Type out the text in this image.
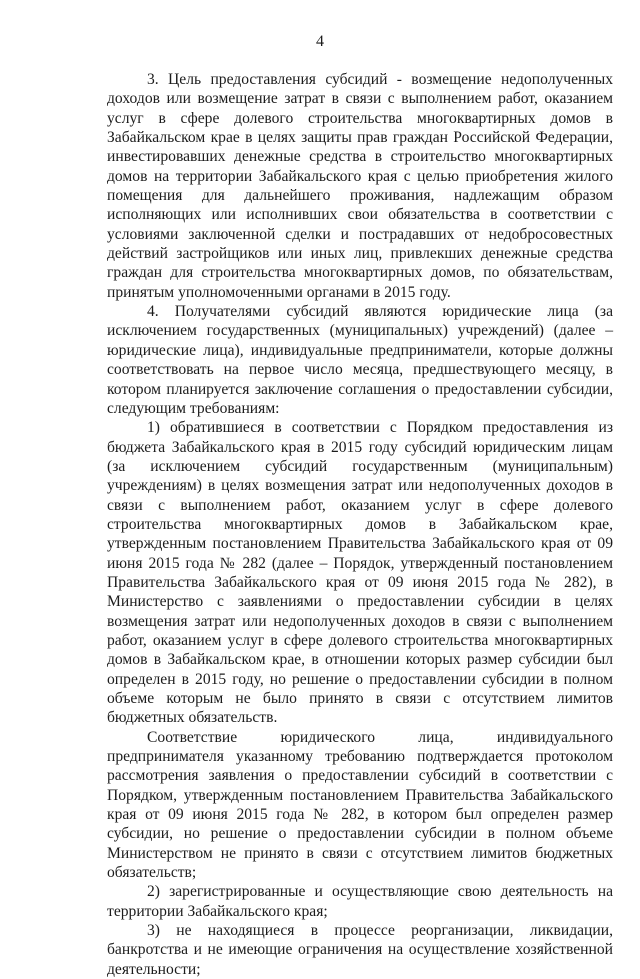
4

3. Цель предоставления субсидий - возмещение недополученных доходов или возмещение затрат в связи с выполнением работ, оказанием услуг в сфере долевого строительства многоквартирных домов в Забайкальском крае в целях защиты прав граждан Российской Федерации, инвестировавших денежные средства в строительство многоквартирных домов на территории Забайкальского края с целью приобретения жилого помещения для дальнейшего проживания, надлежащим образом исполняющих или исполнивших свои обязательства в соответствии с условиями заключенной сделки и пострадавших от недобросовестных действий застройщиков или иных лиц, привлекших денежные средства граждан для строительства многоквартирных домов, по обязательствам, принятым уполномоченными органами в 2015 году.

4. Получателями субсидий являются юридические лица (за исключением государственных (муниципальных) учреждений) (далее – юридические лица), индивидуальные предприниматели, которые должны соответствовать на первое число месяца, предшествующего месяцу, в котором планируется заключение соглашения о предоставлении субсидии, следующим требованиям:

1) обратившиеся в соответствии с Порядком предоставления из бюджета Забайкальского края в 2015 году субсидий юридическим лицам (за исключением субсидий государственным (муниципальным) учреждениям) в целях возмещения затрат или недополученных доходов в связи с выполнением работ, оказанием услуг в сфере долевого строительства многоквартирных домов в Забайкальском крае, утвержденным постановлением Правительства Забайкальского края от 09 июня 2015 года № 282 (далее – Порядок, утвержденный постановлением Правительства Забайкальского края от 09 июня 2015 года № 282), в Министерство с заявлениями о предоставлении субсидии в целях возмещения затрат или недополученных доходов в связи с выполнением работ, оказанием услуг в сфере долевого строительства многоквартирных домов в Забайкальском крае, в отношении которых размер субсидии был определен в 2015 году, но решение о предоставлении субсидии в полном объеме которым не было принято в связи с отсутствием лимитов бюджетных обязательств.

Соответствие юридического лица, индивидуального предпринимателя указанному требованию подтверждается протоколом рассмотрения заявления о предоставлении субсидий в соответствии с Порядком, утвержденным постановлением Правительства Забайкальского края от 09 июня 2015 года № 282, в котором был определен размер субсидии, но решение о предоставлении субсидии в полном объеме Министерством не принято в связи с отсутствием лимитов бюджетных обязательств;

2) зарегистрированные и осуществляющие свою деятельность на территории Забайкальского края;

3) не находящиеся в процессе реорганизации, ликвидации, банкротства и не имеющие ограничения на осуществление хозяйственной деятельности;
